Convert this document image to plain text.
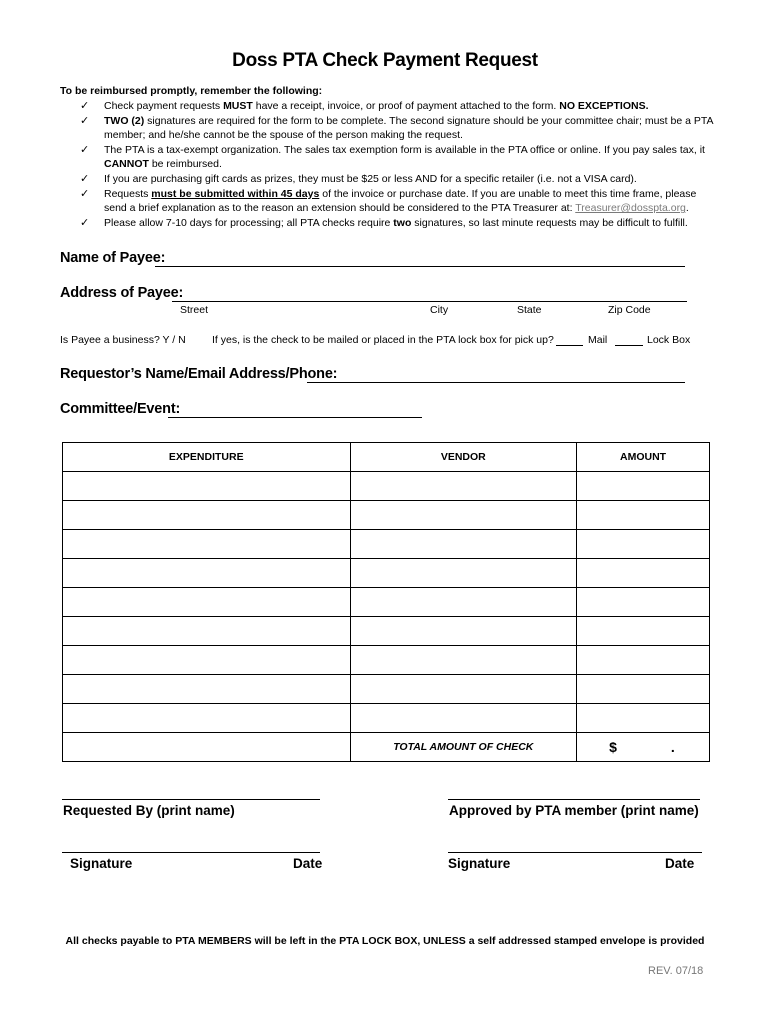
Doss PTA Check Payment Request
To be reimbursed promptly, remember the following:
✓ Check payment requests MUST have a receipt, invoice, or proof of payment attached to the form. NO EXCEPTIONS.
✓ TWO (2) signatures are required for the form to be complete. The second signature should be your committee chair; must be a PTA member; and he/she cannot be the spouse of the person making the request.
✓ The PTA is a tax-exempt organization. The sales tax exemption form is available in the PTA office or online. If you pay sales tax, it CANNOT be reimbursed.
✓ If you are purchasing gift cards as prizes, they must be $25 or less AND for a specific retailer (i.e. not a VISA card).
✓ Requests must be submitted within 45 days of the invoice or purchase date. If you are unable to meet this time frame, please send a brief explanation as to the reason an extension should be considered to the PTA Treasurer at: Treasurer@dosspta.org.
✓ Please allow 7-10 days for processing; all PTA checks require two signatures, so last minute requests may be difficult to fulfill.
Name of Payee:
Address of Payee:
Street	City	State	Zip Code
Is Payee a business? Y / N	If yes, is the check to be mailed or placed in the PTA lock box for pick up?	Mail	Lock Box
Requestor’s Name/Email Address/Phone:
Committee/Event:
EXPENDITURE	VENDOR	AMOUNT

	TOTAL AMOUNT OF CHECK	$ .
Requested By (print name)	Approved by PTA member (print name)
Signature	Date	Signature	Date
All checks payable to PTA MEMBERS will be left in the PTA LOCK BOX, UNLESS a self addressed stamped envelope is provided
REV. 07/18
